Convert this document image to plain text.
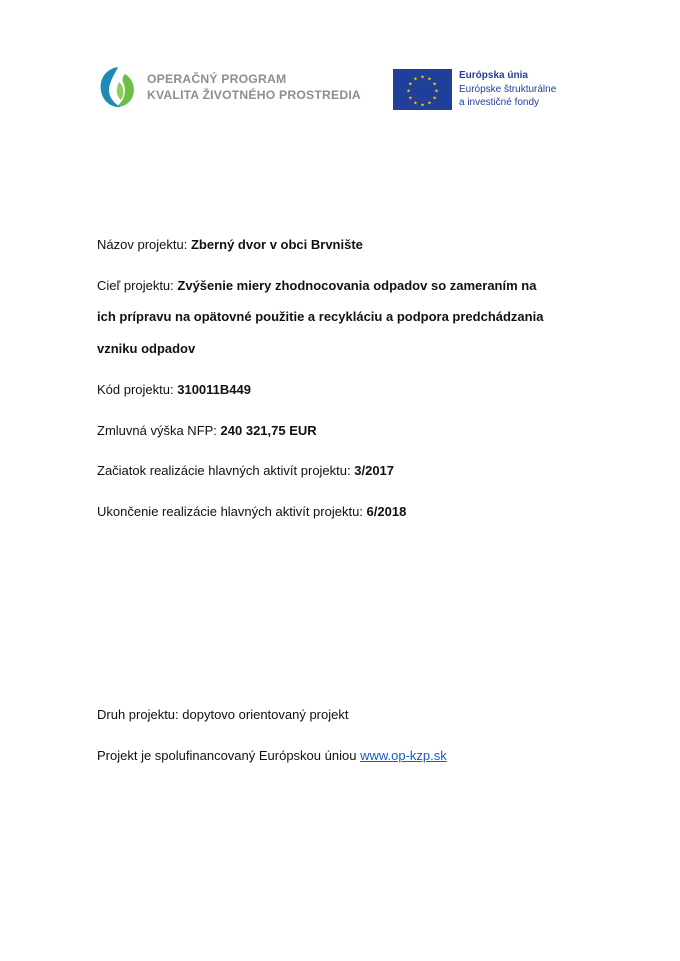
OPERAČNÝ PROGRAM
KVALITA ŽIVOTNÉHO PROSTREDIA
★ ★
★
★
★
★
★
★
★
★
★
★	Európska únia
Európske štrukturálne
a investičné fondy
Názov projektu: Zberný dvor v obci Brvnište
Cieľ projektu: Zvýšenie miery zhodnocovania odpadov so zameraním na
ich prípravu na opätovné použitie a recykláciu a podpora predchádzania
vzniku odpadov
Kód projektu: 310011B449
Zmluvná výška NFP: 240 321,75 EUR
Začiatok realizácie hlavných aktivít projektu: 3/2017
Ukončenie realizácie hlavných aktivít projektu: 6/2018
Druh projektu: dopytovo orientovaný projekt
Projekt je spolufinancovaný Európskou úniou www.op-kzp.sk
